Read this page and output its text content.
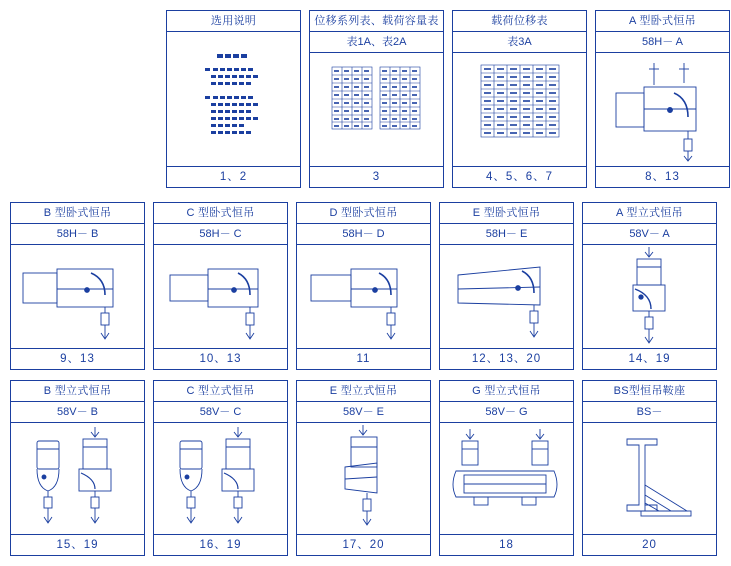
选用说明
1、2
位移系列表、载荷容量表
表1A、表2A
3
载荷位移表
表3A
4、5、6、7
A 型卧式恒吊
58H－ A
8、13
B 型卧式恒吊
58H－ B
9、13
C 型卧式恒吊
58H－ C
10、13
D 型卧式恒吊
58H－ D
11
E 型卧式恒吊
58H－ E
12、13、20
A 型立式恒吊
58V－ A
14、19
B 型立式恒吊
58V－ B
15、19
C 型立式恒吊
58V－ C
16、19
E 型立式恒吊
58V－ E
17、20
G 型立式恒吊
58V－ G
18
BS型恒吊鞍座
BS－
20
